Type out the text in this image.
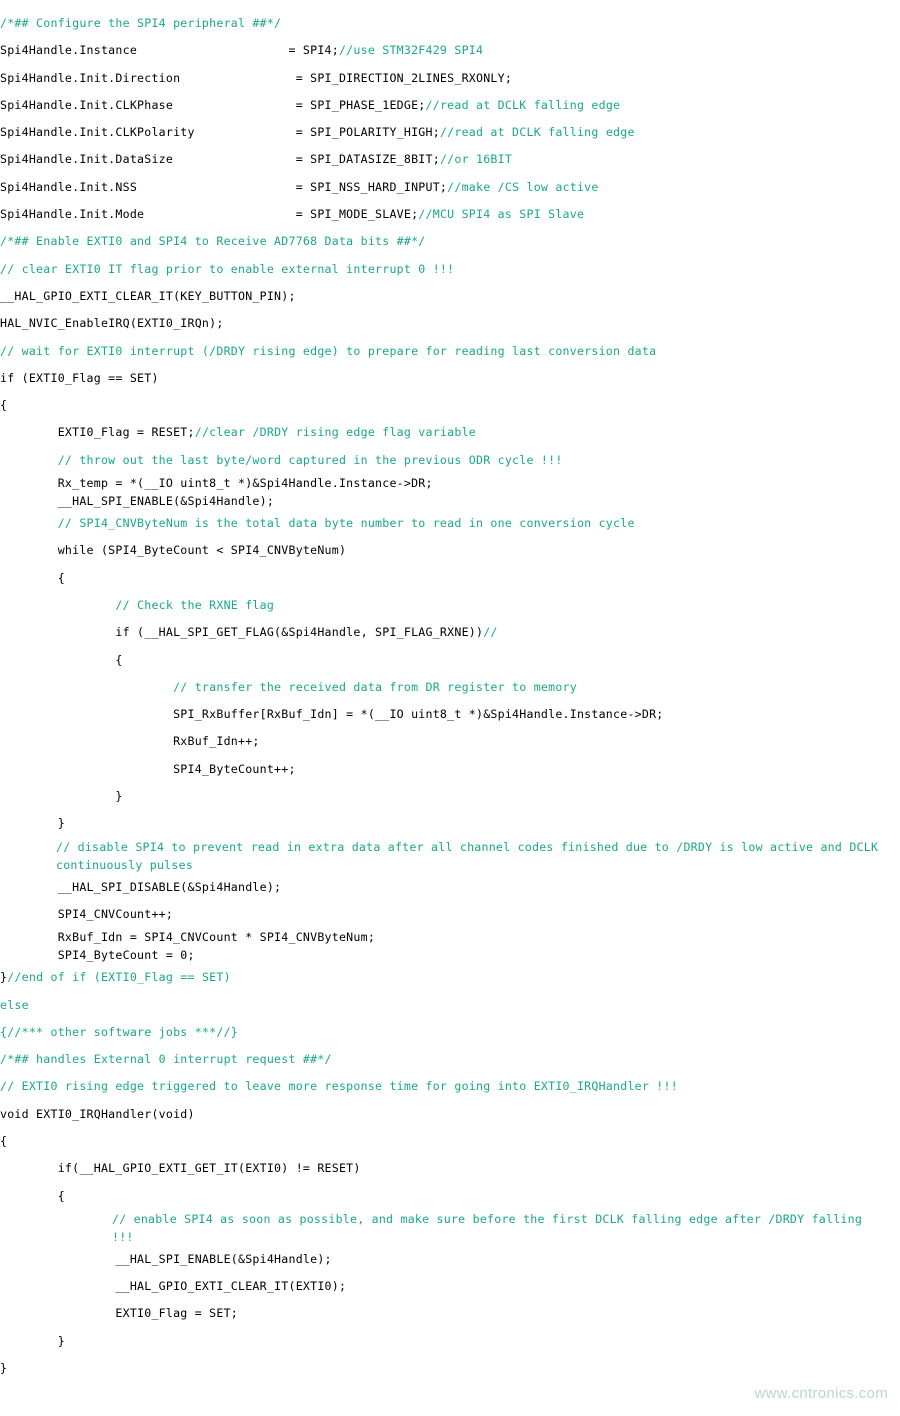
/*## Configure the SPI4 peripheral ##*/
Spi4Handle.Instance                     = SPI4;//use STM32F429 SPI4
Spi4Handle.Init.Direction                = SPI_DIRECTION_2LINES_RXONLY;
Spi4Handle.Init.CLKPhase                 = SPI_PHASE_1EDGE;//read at DCLK falling edge
Spi4Handle.Init.CLKPolarity              = SPI_POLARITY_HIGH;//read at DCLK falling edge
Spi4Handle.Init.DataSize                 = SPI_DATASIZE_8BIT;//or 16BIT
Spi4Handle.Init.NSS                      = SPI_NSS_HARD_INPUT;//make /CS low active
Spi4Handle.Init.Mode                     = SPI_MODE_SLAVE;//MCU SPI4 as SPI Slave
/*## Enable EXTI0 and SPI4 to Receive AD7768 Data bits ##*/
// clear EXTI0 IT flag prior to enable external interrupt 0 !!!
__HAL_GPIO_EXTI_CLEAR_IT(KEY_BUTTON_PIN);
HAL_NVIC_EnableIRQ(EXTI0_IRQn);
// wait for EXTI0 interrupt (/DRDY rising edge) to prepare for reading last conversion data
if (EXTI0_Flag == SET)
{
EXTI0_Flag = RESET;//clear /DRDY rising edge flag variable
// throw out the last byte/word captured in the previous ODR cycle !!!
Rx_temp = *(__IO uint8_t *)&Spi4Handle.Instance->DR;
__HAL_SPI_ENABLE(&Spi4Handle);
// SPI4_CNVByteNum is the total data byte number to read in one conversion cycle
while (SPI4_ByteCount < SPI4_CNVByteNum)
{
// Check the RXNE flag
if (__HAL_SPI_GET_FLAG(&Spi4Handle, SPI_FLAG_RXNE))//
{
// transfer the received data from DR register to memory
SPI_RxBuffer[RxBuf_Idn] = *(__IO uint8_t *)&Spi4Handle.Instance->DR;
RxBuf_Idn++;
SPI4_ByteCount++;
}
}
// disable SPI4 to prevent read in extra data after all channel codes finished due to /DRDY is low active and DCLK continuously pulses
__HAL_SPI_DISABLE(&Spi4Handle);
SPI4_CNVCount++;
RxBuf_Idn = SPI4_CNVCount * SPI4_CNVByteNum;
SPI4_ByteCount = 0;
}//end of if (EXTI0_Flag == SET)
else
{//*** other software jobs ***//}
/*## handles External 0 interrupt request ##*/
// EXTI0 rising edge triggered to leave more response time for going into EXTI0_IRQHandler !!!
void EXTI0_IRQHandler(void)
{
if(__HAL_GPIO_EXTI_GET_IT(EXTI0) != RESET)
{
// enable SPI4 as soon as possible, and make sure before the first DCLK falling edge after /DRDY falling !!!
__HAL_SPI_ENABLE(&Spi4Handle);
__HAL_GPIO_EXTI_CLEAR_IT(EXTI0);
EXTI0_Flag = SET;
}
}
www.cntronics.com
